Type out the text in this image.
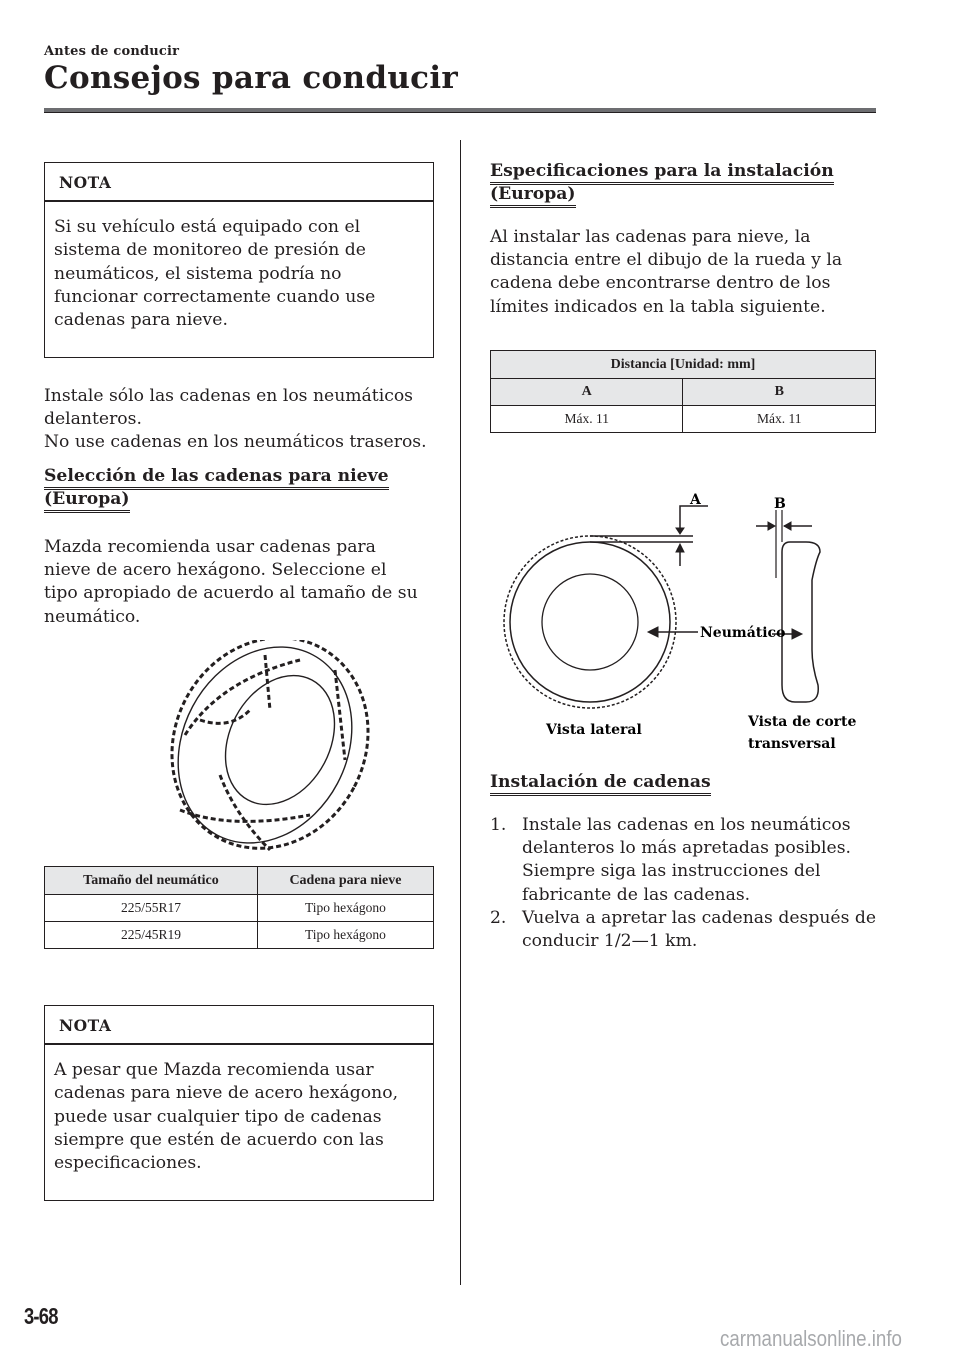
Antes de conducir
Consejos para conducir
NOTA
Si su vehículo está equipado con el
sistema de monitoreo de presión de
neumáticos, el sistema podría no
funcionar correctamente cuando use
cadenas para nieve.
Instale sólo las cadenas en los neumáticos
delanteros.
No use cadenas en los neumáticos traseros.
Selección de las cadenas para nieve
(Europa)
Mazda recomienda usar cadenas para
nieve de acero hexágono. Seleccione el
tipo apropiado de acuerdo al tamaño de su
neumático.
Tamaño del neumático	Cadena para nieve
225/55R17	Tipo hexágono
225/45R19	Tipo hexágono
NOTA
A pesar que Mazda recomienda usar
cadenas para nieve de acero hexágono,
puede usar cualquier tipo de cadenas
siempre que estén de acuerdo con las
especificaciones.
Especificaciones para la instalación
(Europa)
Al instalar las cadenas para nieve, la
distancia entre el dibujo de la rueda y la
cadena debe encontrarse dentro de los
límites indicados en la tabla siguiente.
Distancia [Unidad: mm]	
A	B
Máx. 11	Máx. 11
A	B
Neumático
Vista lateral	Vista de corte
transversal
Instalación de cadenas
1. Instale las cadenas en los neumáticos
delanteros lo más apretadas posibles.
Siempre siga las instrucciones del
fabricante de las cadenas.
2. Vuelva a apretar las cadenas después de
conducir 1/2—1 km.
3-68
carmanualsonline.info
